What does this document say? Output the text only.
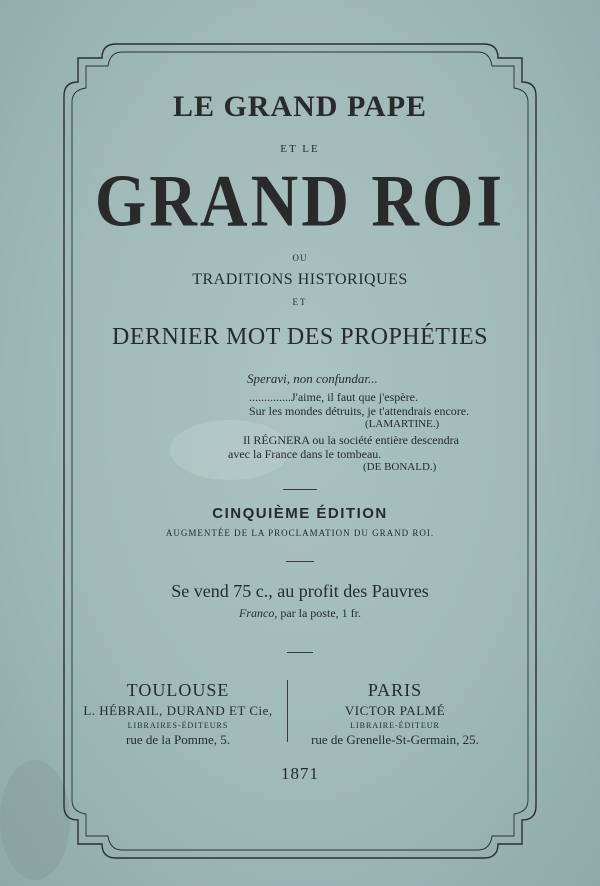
LE GRAND PAPE
ET LE
GRAND ROI
OU
TRADITIONS HISTORIQUES
ET
DERNIER MOT DES PROPHÉTIES
Speravi, non confundar...
..............J'aime, il faut que j'espère.
Sur les mondes détruits, je t'attendrais encore.
(LAMARTINE.)
Il RÉGNERA ou la société entière descendra
avec la France dans le tombeau.
(DE BONALD.)
CINQUIÈME ÉDITION
AUGMENTÉE DE LA PROCLAMATION DU GRAND ROI.
Se vend 75 c., au profit des Pauvres
Franco, par la poste, 1 fr.
TOULOUSE
L. HÉBRAIL, DURAND ET Cie,
LIBRAIRES-ÉDITEURS
rue de la Pomme, 5.
PARIS
VICTOR PALMÉ
LIBRAIRE-ÉDITEUR
rue de Grenelle-St-Germain, 25.
1871
